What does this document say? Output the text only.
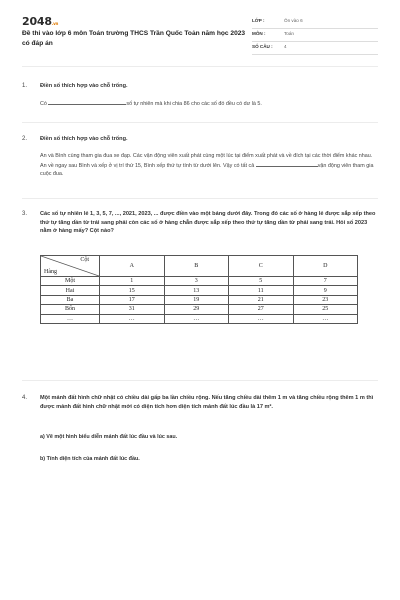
2048.vn
Đề thi vào lớp 6 môn Toán trường THCS Trần Quốc Toản năm học 2023 có đáp án
LỚP :	Ôn vào 6
MÔN :	Toán
SỐ CÂU : 4
1. Điền số thích hợp vào chỗ trống.
Có	số tự nhiên mà khi chia 86 cho các số đó đều có dư là 5.
2. Điền số thích hợp vào chỗ trống.
An và Bình cùng tham gia đua xe đạp. Các vận động viên xuất phát cùng một lúc tại điểm xuất phát và về đích tại các thời điểm khác nhau. An về ngay sau Bình và xếp ở vị trí thứ 15, Bình xếp thứ tự tính từ dưới lên. Vậy có tất cả	vận động viên tham gia cuộc đua.
3. Các số tự nhiên lẻ 1, 3, 5, 7, ..., 2021, 2023, ... được điền vào một bảng dưới đây. Trong đó các số ở hàng lẻ được sắp xếp theo thứ tự tăng dần từ trái sang phải còn các số ở hàng chẵn được sắp xếp theo thứ tự tăng dần từ phải sang trái. Hỏi số 2023 nằm ở hàng mấy? Cột nào?
Cột
Hàng	A	B	C	D
Một	1	3	5	7
Hai	15	13	11	9
Ba	17	19	21	23
Bốn	31	29	27	25
…	…	…	…	…
4. Một mảnh đất hình chữ nhật có chiều dài gấp ba lần chiều rộng. Nếu tăng chiều dài thêm 1 m và tăng chiều rộng thêm 1 m thì được mảnh đất hình chữ nhật mới có diện tích hơn diện tích mảnh đất lúc đầu là 17 m².
a) Vẽ một hình biểu diễn mảnh đất lúc đầu và lúc sau.
b) Tính diện tích của mảnh đất lúc đầu.
